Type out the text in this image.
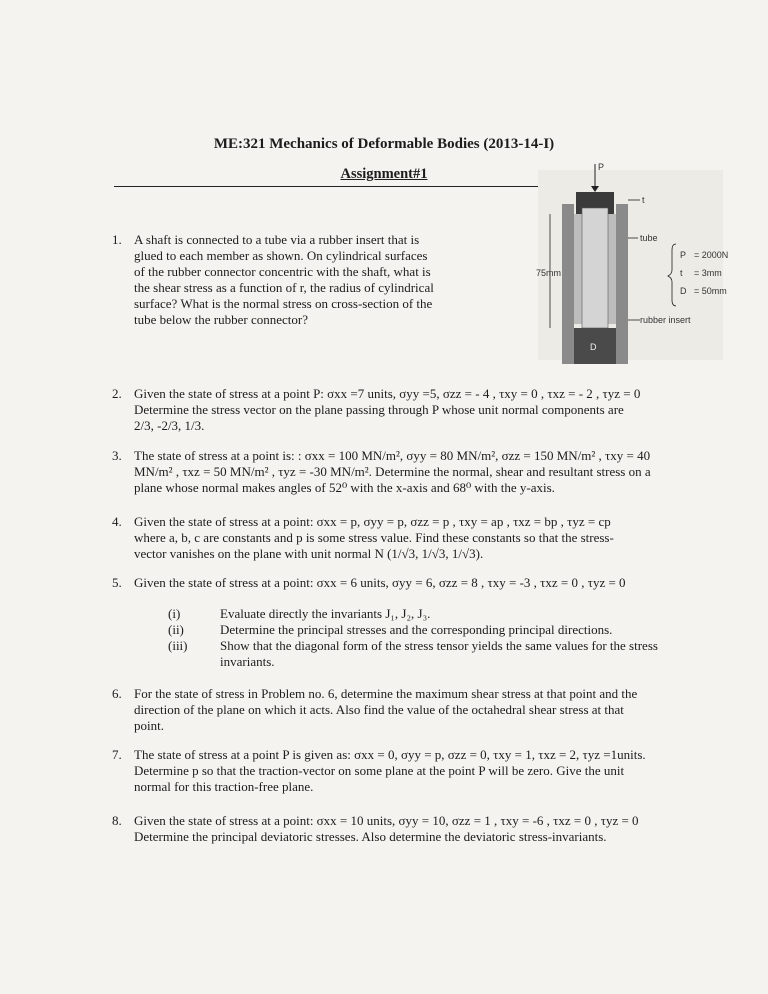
ME:321 Mechanics of Deformable Bodies (2013-14-I)
Assignment#1	P
t
tube
75mm
rubber insert
D
P = 2000N
t = 3mm
D = 50mm
1. A shaft is connected to a tube via a rubber insert that is
glued to each member as shown. On cylindrical surfaces
of the rubber connector concentric with the shaft, what is
the shear stress as a function of r, the radius of cylindrical
surface? What is the normal stress on cross-section of the
tube below the rubber connector?
2. Given the state of stress at a point P: σxx =7 units, σyy =5, σzz = - 4 , τxy = 0 , τxz = - 2 , τyz = 0
Determine the stress vector on the plane passing through P whose unit normal components are
2/3, -2/3, 1/3.
3. The state of stress at a point is: : σxx = 100 MN/m², σyy = 80 MN/m², σzz = 150 MN/m² , τxy = 40
MN/m² , τxz = 50 MN/m² , τyz = -30 MN/m². Determine the normal, shear and resultant stress on a
plane whose normal makes angles of 52⁰ with the x-axis and 68⁰ with the y-axis.
4. Given the state of stress at a point: σxx = p, σyy = p, σzz = p , τxy = ap , τxz = bp , τyz = cp
where a, b, c are constants and p is some stress value. Find these constants so that the stress-
vector vanishes on the plane with unit normal N (1/√3, 1/√3, 1/√3).
5. Given the state of stress at a point: σxx = 6 units, σyy = 6, σzz = 8 , τxy = -3 , τxz = 0 , τyz = 0
(i)	Evaluate directly the invariants J₁, J₂, J₃.
(ii)	Determine the principal stresses and the corresponding principal directions.
(iii)	Show that the diagonal form of the stress tensor yields the same values for the stress
invariants.
6. For the state of stress in Problem no. 6, determine the maximum shear stress at that point and the
direction of the plane on which it acts. Also find the value of the octahedral shear stress at that
point.
7. The state of stress at a point P is given as: σxx = 0, σyy = p, σzz = 0, τxy = 1, τxz = 2, τyz =1units.
Determine p so that the traction-vector on some plane at the point P will be zero. Give the unit
normal for this traction-free plane.
8. Given the state of stress at a point: σxx = 10 units, σyy = 10, σzz = 1 , τxy = -6 , τxz = 0 , τyz = 0
Determine the principal deviatoric stresses. Also determine the deviatoric stress-invariants.
